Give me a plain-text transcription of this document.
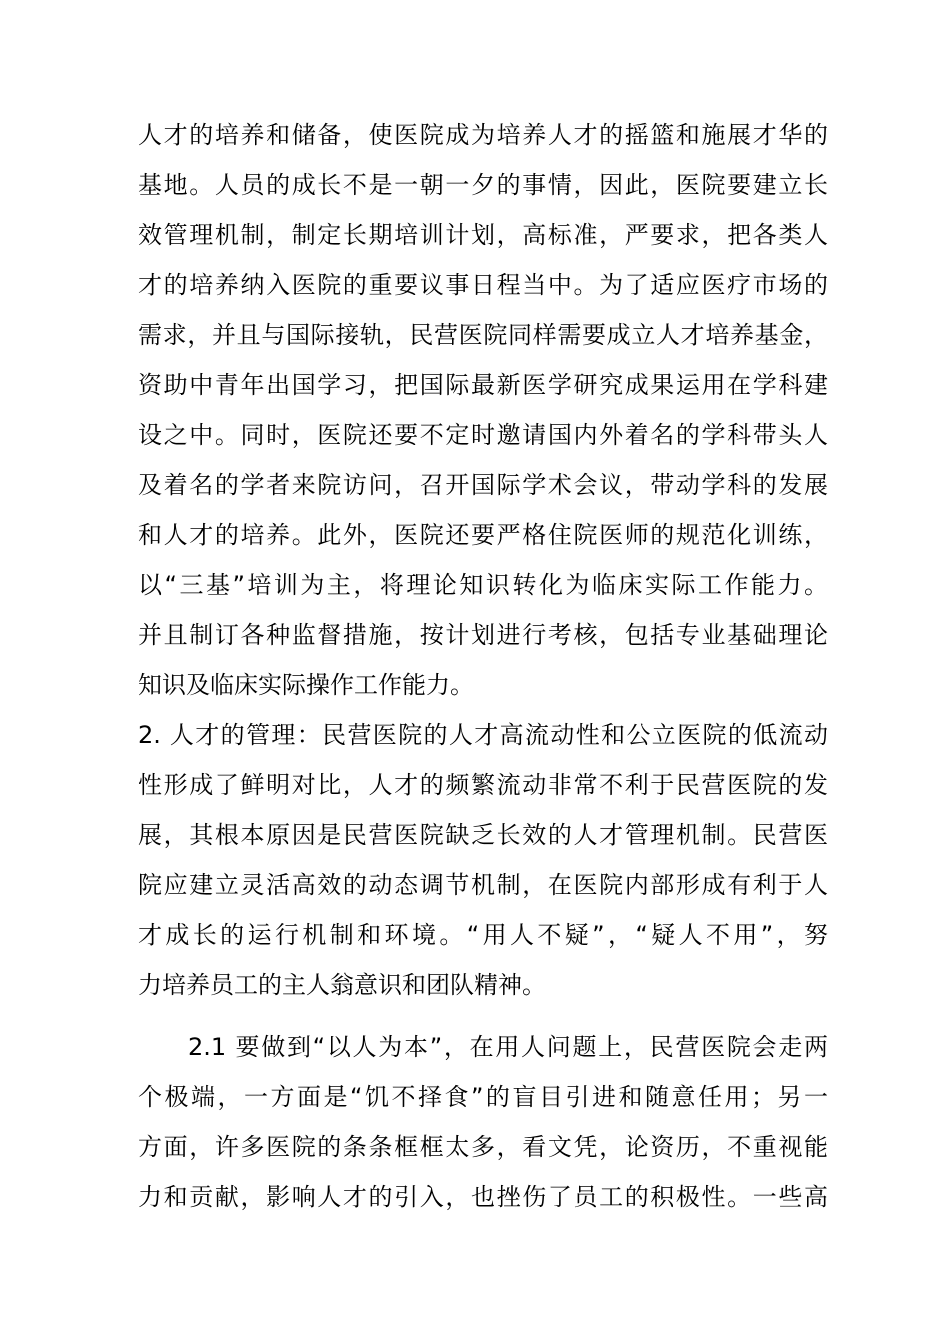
人才的培养和储备，使医院成为培养人才的摇篮和施展才华的
基地。人员的成长不是一朝一夕的事情，因此，医院要建立长
效管理机制，制定长期培训计划，高标准，严要求，把各类人
才的培养纳入医院的重要议事日程当中。为了适应医疗市场的
需求，并且与国际接轨，民营医院同样需要成立人才培养基金，
资助中青年出国学习，把国际最新医学研究成果运用在学科建
设之中。同时，医院还要不定时邀请国内外着名的学科带头人
及着名的学者来院访问，召开国际学术会议，带动学科的发展
和人才的培养。此外，医院还要严格住院医师的规范化训练，
以“三基”培训为主，将理论知识转化为临床实际工作能力。
并且制订各种监督措施，按计划进行考核，包括专业基础理论
知识及临床实际操作工作能力。
2. 人才的管理：民营医院的人才高流动性和公立医院的低流动
性形成了鲜明对比，人才的频繁流动非常不利于民营医院的发
展，其根本原因是民营医院缺乏长效的人才管理机制。民营医
院应建立灵活高效的动态调节机制，在医院内部形成有利于人
才成长的运行机制和环境。“用人不疑”，“疑人不用”，努
力培养员工的主人翁意识和团队精神。
2.1 要做到“以人为本”，在用人问题上，民营医院会走两
个极端，一方面是“饥不择食”的盲目引进和随意任用；另一
方面，许多医院的条条框框太多，看文凭，论资历，不重视能
力和贡献，影响人才的引入，也挫伤了员工的积极性。一些高
